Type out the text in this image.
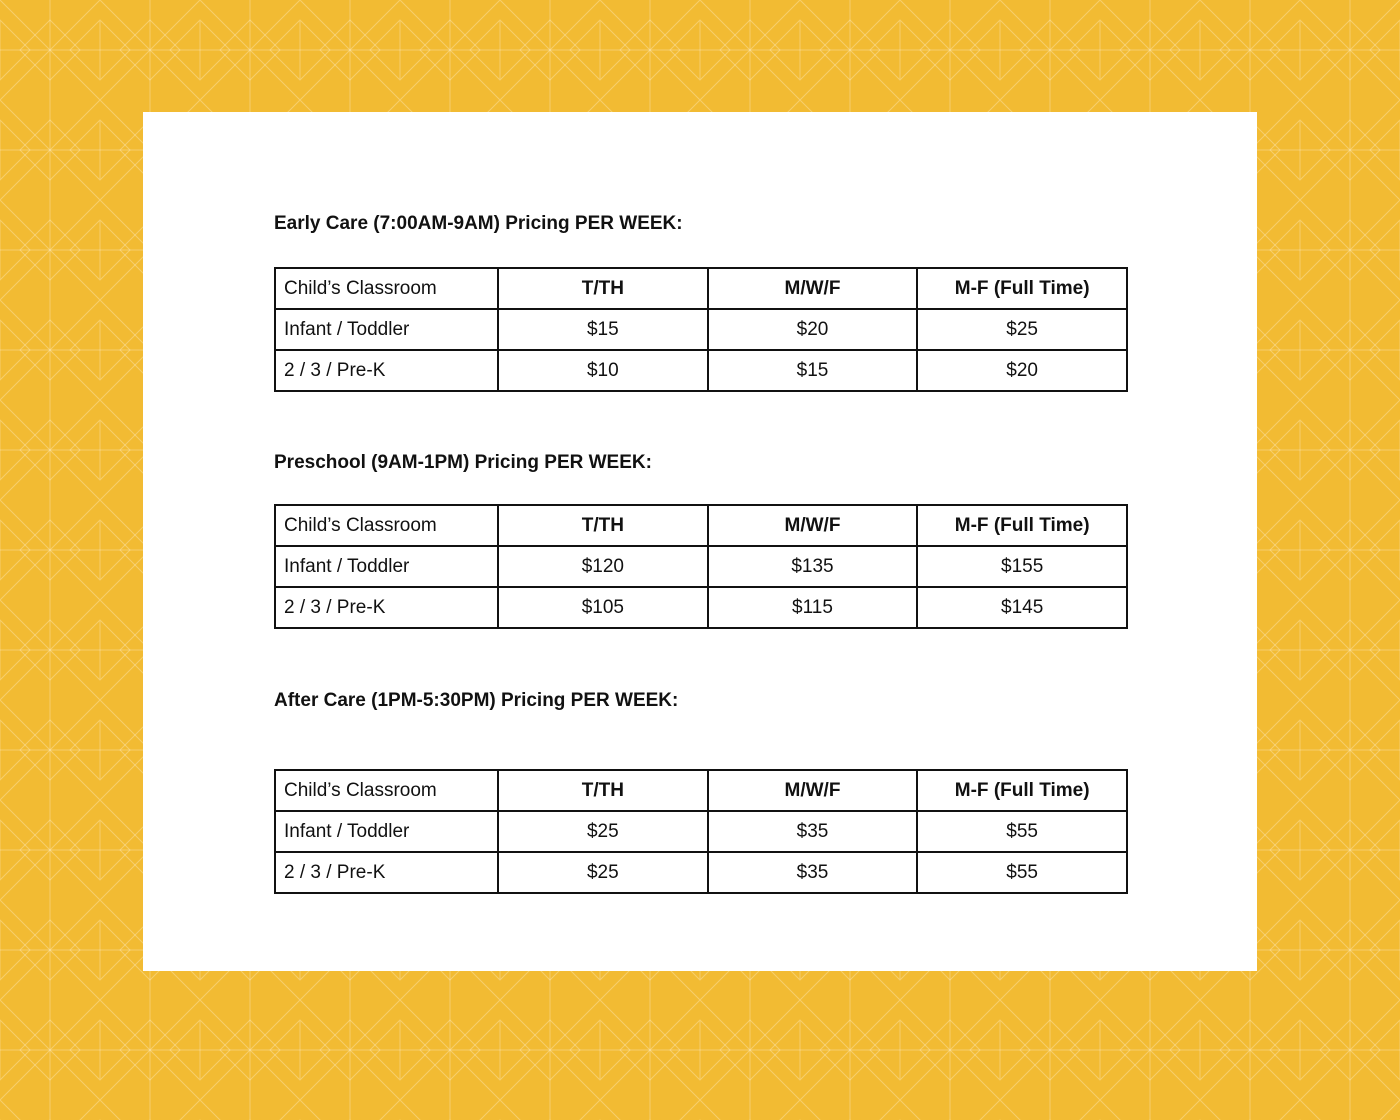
Early Care (7:00AM-9AM) Pricing PER WEEK:
Child’s Classroom	T/TH	M/W/F	M-F (Full Time)
Infant / Toddler	$15	$20	$25
2 / 3 / Pre-K	$10	$15	$20
Preschool (9AM-1PM) Pricing PER WEEK:
Child’s Classroom	T/TH	M/W/F	M-F (Full Time)
Infant / Toddler	$120	$135	$155
2 / 3 / Pre-K	$105	$115	$145
After Care (1PM-5:30PM) Pricing PER WEEK:
Child’s Classroom	T/TH	M/W/F	M-F (Full Time)
Infant / Toddler	$25	$35	$55
2 / 3 / Pre-K	$25	$35	$55
